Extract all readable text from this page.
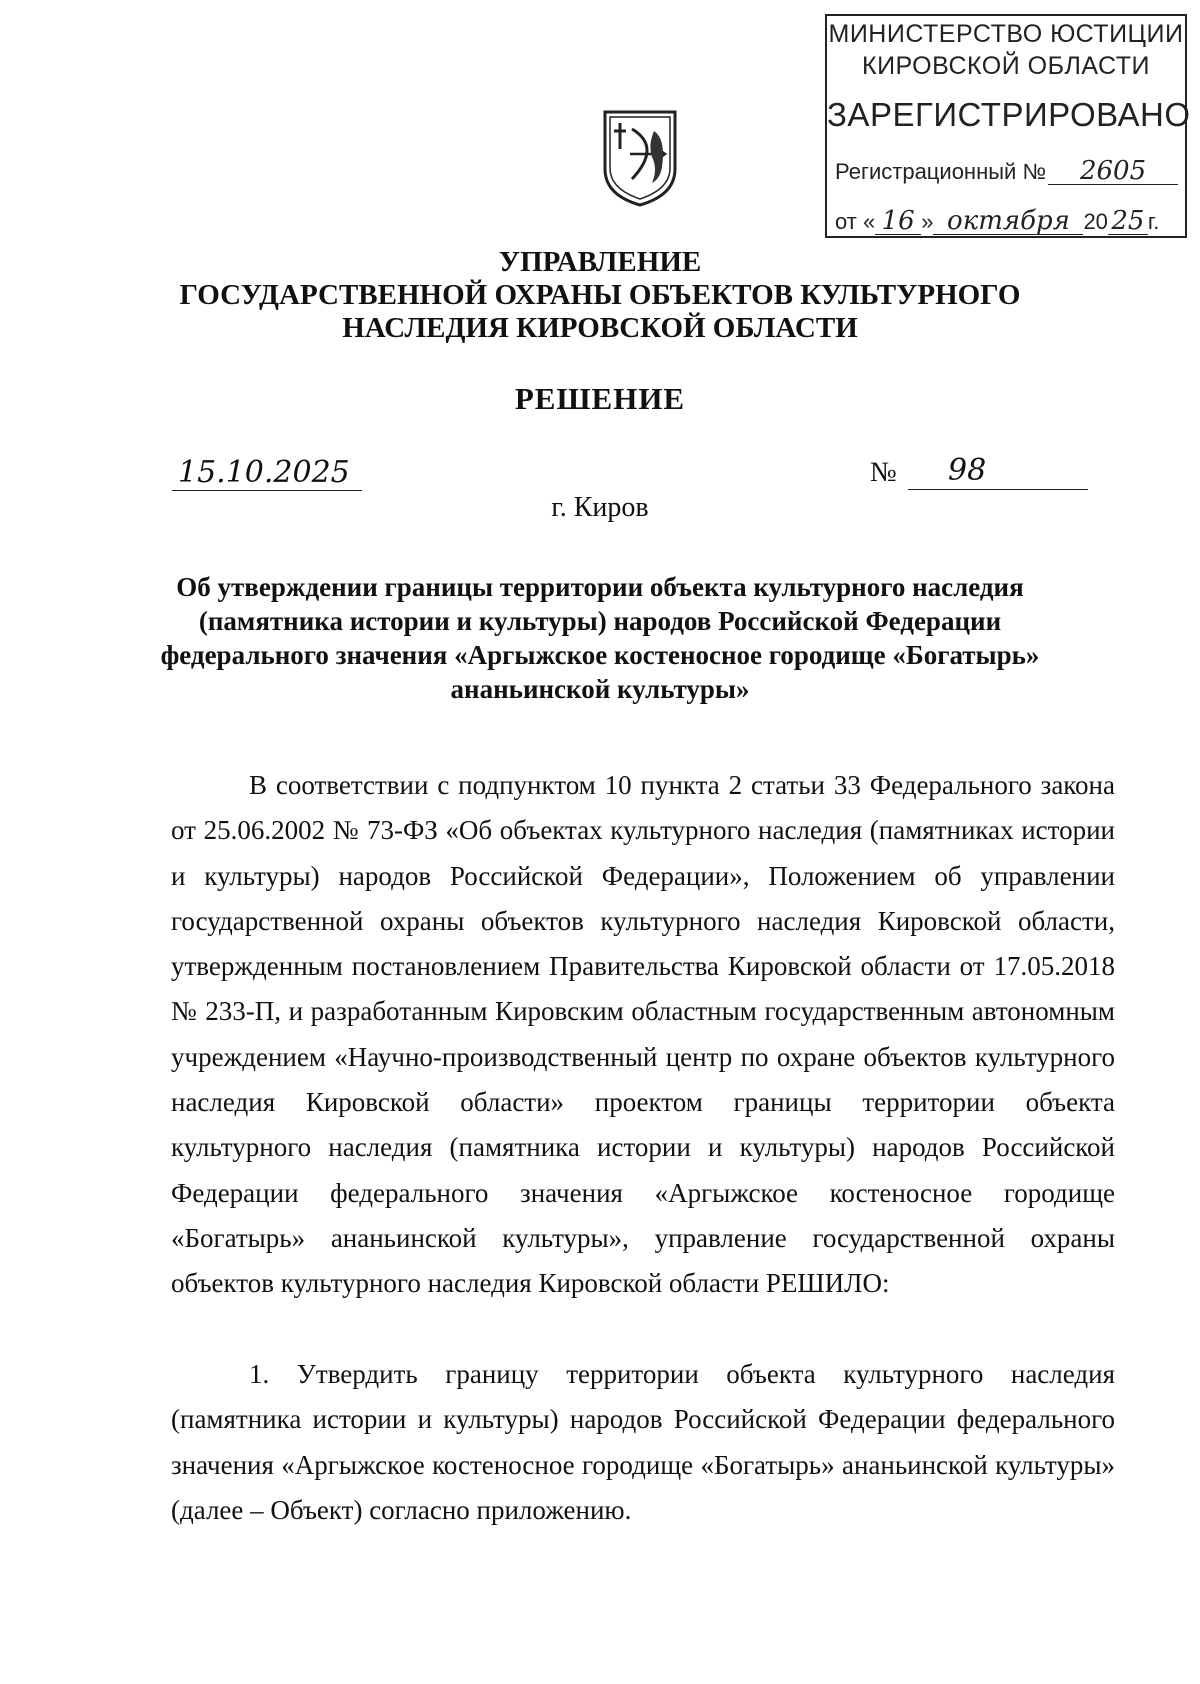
МИНИСТЕРСТВО ЮСТИЦИИ
КИРОВСКОЙ ОБЛАСТИ
ЗАРЕГИСТРИРОВАНО
Регистрационный № 2605
от « 16 » октября 20 25 г.
УПРАВЛЕНИЕ
ГОСУДАРСТВЕННОЙ ОХРАНЫ ОБЪЕКТОВ КУЛЬТУРНОГО
НАСЛЕДИЯ КИРОВСКОЙ ОБЛАСТИ
РЕШЕНИЕ
15.10.2025	№	98
г. Киров
Об утверждении границы территории объекта культурного наследия
(памятника истории и культуры) народов Российской Федерации
федерального значения «Аргыжское костеносное городище «Богатырь»
ананьинской культуры»

В соответствии с подпунктом 10 пункта 2 статьи 33 Федерального закона от 25.06.2002 № 73-ФЗ «Об объектах культурного наследия (памятниках истории и культуры) народов Российской Федерации», Положением об управлении государственной охраны объектов культурного наследия Кировской области, утвержденным постановлением Правительства Кировской области от 17.05.2018 № 233-П, и разработанным Кировским областным государственным автономным учреждением «Научно-производственный центр по охране объектов культурного наследия Кировской области» проектом границы территории объекта культурного наследия (памятника истории и культуры) народов Российской Федерации федерального значения «Аргыжское костеносное городище «Богатырь» ананьинской культуры», управление государственной охраны объектов культурного наследия Кировской области РЕШИЛО:

1. Утвердить границу территории объекта культурного наследия (памятника истории и культуры) народов Российской Федерации федерального значения «Аргыжское костеносное городище «Богатырь» ананьинской культуры» (далее – Объект) согласно приложению.
